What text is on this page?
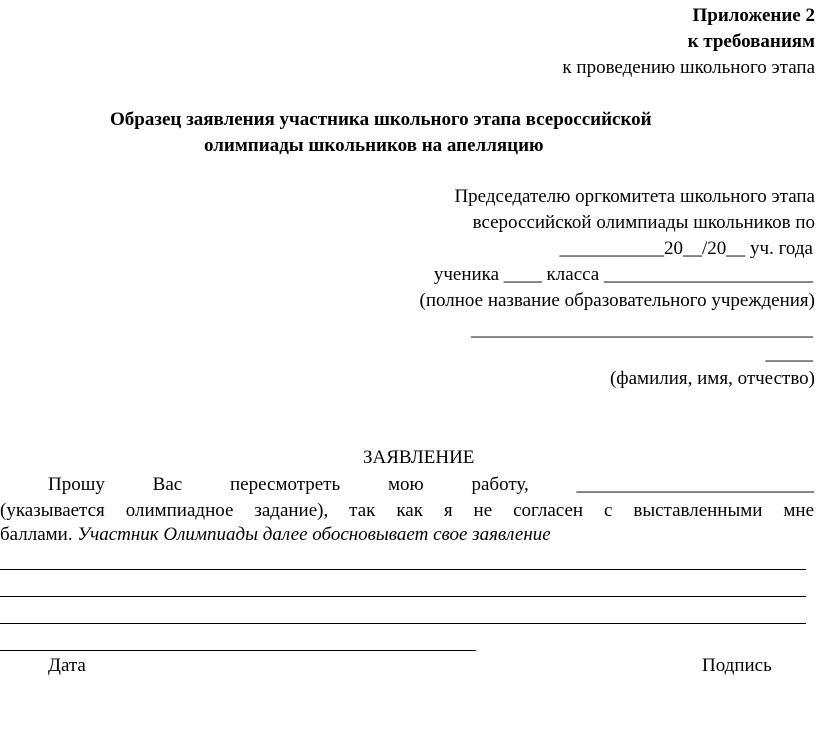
Приложение 2
к требованиям
к проведению школьного этапа
Образец заявления участника школьного этапа всероссийской
олимпиады школьников на апелляцию
Председателю оргкомитета школьного этапа
всероссийской олимпиады школьников по
___________20__/20__ уч. года
ученика ____ класса ______________________
(полное название образовательного учреждения)
____________________________________
_____
(фамилия, имя, отчество)
ЗАЯВЛЕНИЕ
Прошу	Вас	пересмотреть	мою	работу,	_________________________
(указывается олимпиадное задание), так как я не согласен с выставленными мне
баллами. Участник Олимпиады далее обосновывает свое заявление
Дата	Подпись
